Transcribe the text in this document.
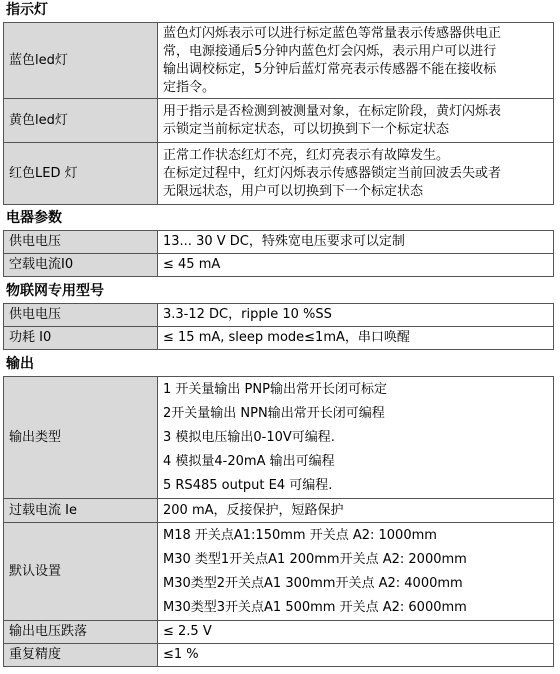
指示灯
蓝色led灯	蓝色灯闪烁表示可以进行标定蓝色等常量表示传感器供电正
常，电源接通后5分钟内蓝色灯会闪烁，表示用户可以进行
输出调校标定，5分钟后蓝灯常亮表示传感器不能在接收标
定指令。

黄色led灯	用于指示是否检测到被测量对象，在标定阶段，黄灯闪烁表
示锁定当前标定状态，可以切换到下一个标定状态

红色LED 灯	正常工作状态红灯不亮，红灯亮表示有故障发生。
在标定过程中，红灯闪烁表示传感器锁定当前回波丢失或者
无限远状态，用户可以切换到下一个标定状态
电器参数
供电电压	13... 30 V DC，特殊宽电压要求可以定制
空载电流I0	≤ 45 mA
物联网专用型号
供电电压	3.3-12 DC，ripple 10 %SS
功耗 I0	≤ 15 mA, sleep mode≤1mA，串口唤醒
输出
输出类型	1 开关量输出 PNP输出常开长闭可标定
2开关量输出 NPN输出常开长闭可编程
3 模拟电压输出0-10V可编程.
4 模拟量4-20mA 输出可编程
5 RS485 output E4 可编程.

过载电流 Ie	200 mA，反接保护，短路保护
默认设置	M18 开关点A1:150mm 开关点 A2: 1000mm
M30 类型1开关点A1 200mm开关点 A2: 2000mm
M30类型2开关点A1 300mm开关点 A2: 4000mm
M30类型3开关点A1 500mm 开关点 A2: 6000mm

输出电压跌落	≤ 2.5 V
重复精度	≤1 %
